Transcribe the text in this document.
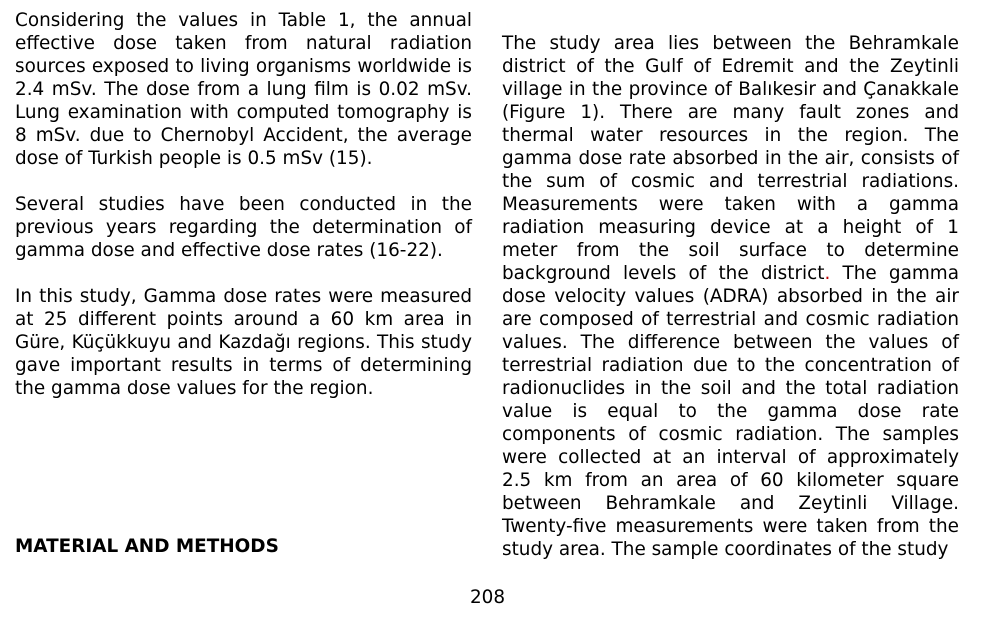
Considering the values in Table 1, the annual effective dose taken from natural radiation sources exposed to living organisms worldwide is 2.4 mSv. The dose from a lung film is 0.02 mSv. Lung examination with computed tomography is 8 mSv. due to Chernobyl Accident, the average dose of Turkish people is 0.5 mSv (15).

Several studies have been conducted in the previous years regarding the determination of gamma dose and effective dose rates (16-22).

In this study, Gamma dose rates were measured at 25 different points around a 60 km area in Güre, Küçükkuyu and Kazdağı regions. This study gave important results in terms of determining the gamma dose values for the region.

MATERIAL AND METHODS

The study area lies between the Behramkale district of the Gulf of Edremit and the Zeytinli village in the province of Balıkesir and Çanakkale (Figure 1). There are many fault zones and thermal water resources in the region. The gamma dose rate absorbed in the air, consists of the sum of cosmic and terrestrial radiations. Measurements were taken with a gamma radiation measuring device at a height of 1 meter from the soil surface to determine background levels of the district. The gamma dose velocity values (ADRA) absorbed in the air are composed of terrestrial and cosmic radiation values. The difference between the values of terrestrial radiation due to the concentration of radionuclides in the soil and the total radiation value is equal to the gamma dose rate components of cosmic radiation. The samples were collected at an interval of approximately 2.5 km from an area of 60 kilometer square between Behramkale and Zeytinli Village. Twenty-five measurements were taken from the study area. The sample coordinates of the study

208
